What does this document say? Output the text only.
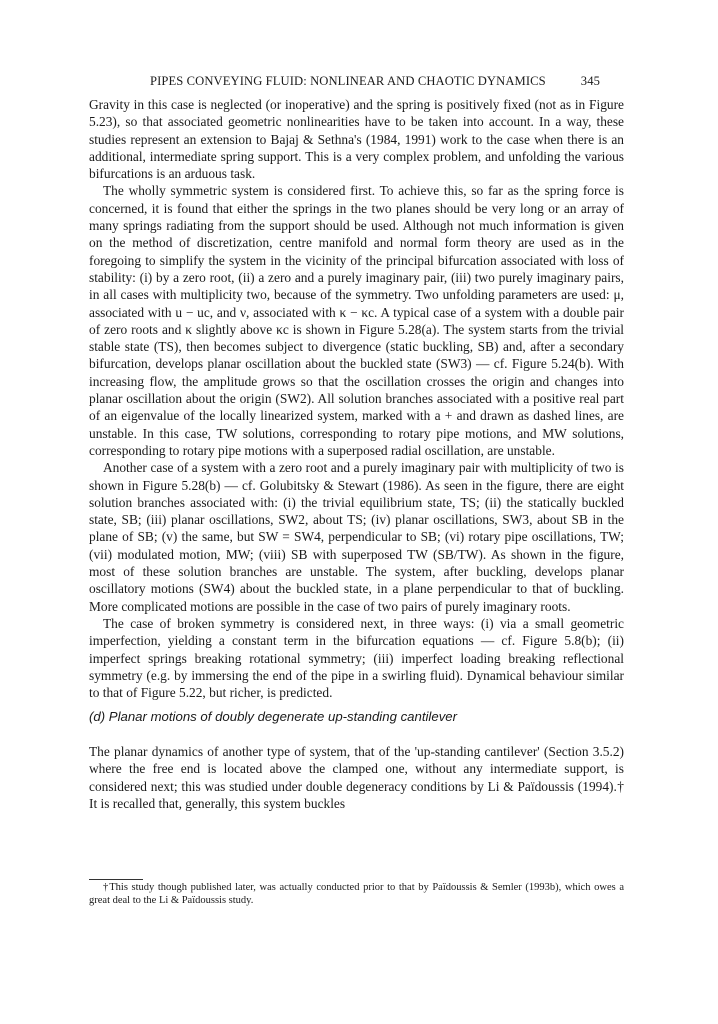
PIPES CONVEYING FLUID: NONLINEAR AND CHAOTIC DYNAMICS	345

Gravity in this case is neglected (or inoperative) and the spring is positively fixed (not as in Figure 5.23), so that associated geometric nonlinearities have to be taken into account. In a way, these studies represent an extension to Bajaj & Sethna's (1984, 1991) work to the case when there is an additional, intermediate spring support. This is a very complex problem, and unfolding the various bifurcations is an arduous task.

The wholly symmetric system is considered first. To achieve this, so far as the spring force is concerned, it is found that either the springs in the two planes should be very long or an array of many springs radiating from the support should be used. Although not much information is given on the method of discretization, centre manifold and normal form theory are used as in the foregoing to simplify the system in the vicinity of the principal bifurcation associated with loss of stability: (i) by a zero root, (ii) a zero and a purely imaginary pair, (iii) two purely imaginary pairs, in all cases with multiplicity two, because of the symmetry. Two unfolding parameters are used: μ, associated with u − uc, and ν, associated with κ − κc. A typical case of a system with a double pair of zero roots and κ slightly above κc is shown in Figure 5.28(a). The system starts from the trivial stable state (TS), then becomes subject to divergence (static buckling, SB) and, after a secondary bifurcation, develops planar oscillation about the buckled state (SW3) — cf. Figure 5.24(b). With increasing flow, the amplitude grows so that the oscillation crosses the origin and changes into planar oscillation about the origin (SW2). All solution branches associated with a positive real part of an eigenvalue of the locally linearized system, marked with a + and drawn as dashed lines, are unstable. In this case, TW solutions, corresponding to rotary pipe motions, and MW solutions, corresponding to rotary pipe motions with a superposed radial oscillation, are unstable.

Another case of a system with a zero root and a purely imaginary pair with multiplicity of two is shown in Figure 5.28(b) — cf. Golubitsky & Stewart (1986). As seen in the figure, there are eight solution branches associated with: (i) the trivial equilibrium state, TS; (ii) the statically buckled state, SB; (iii) planar oscillations, SW2, about TS; (iv) planar oscillations, SW3, about SB in the plane of SB; (v) the same, but SW = SW4, perpendicular to SB; (vi) rotary pipe oscillations, TW; (vii) modulated motion, MW; (viii) SB with superposed TW (SB/TW). As shown in the figure, most of these solution branches are unstable. The system, after buckling, develops planar oscillatory motions (SW4) about the buckled state, in a plane perpendicular to that of buckling. More complicated motions are possible in the case of two pairs of purely imaginary roots.

The case of broken symmetry is considered next, in three ways: (i) via a small geometric imperfection, yielding a constant term in the bifurcation equations — cf. Figure 5.8(b); (ii) imperfect springs breaking rotational symmetry; (iii) imperfect loading breaking reflectional symmetry (e.g. by immersing the end of the pipe in a swirling fluid). Dynamical behaviour similar to that of Figure 5.22, but richer, is predicted.

(d) Planar motions of doubly degenerate up-standing cantilever

The planar dynamics of another type of system, that of the 'up-standing cantilever' (Section 3.5.2) where the free end is located above the clamped one, without any intermediate support, is considered next; this was studied under double degeneracy conditions by Li & Païdoussis (1994).† It is recalled that, generally, this system buckles

†This study though published later, was actually conducted prior to that by Païdoussis & Semler (1993b), which owes a great deal to the Li & Païdoussis study.
